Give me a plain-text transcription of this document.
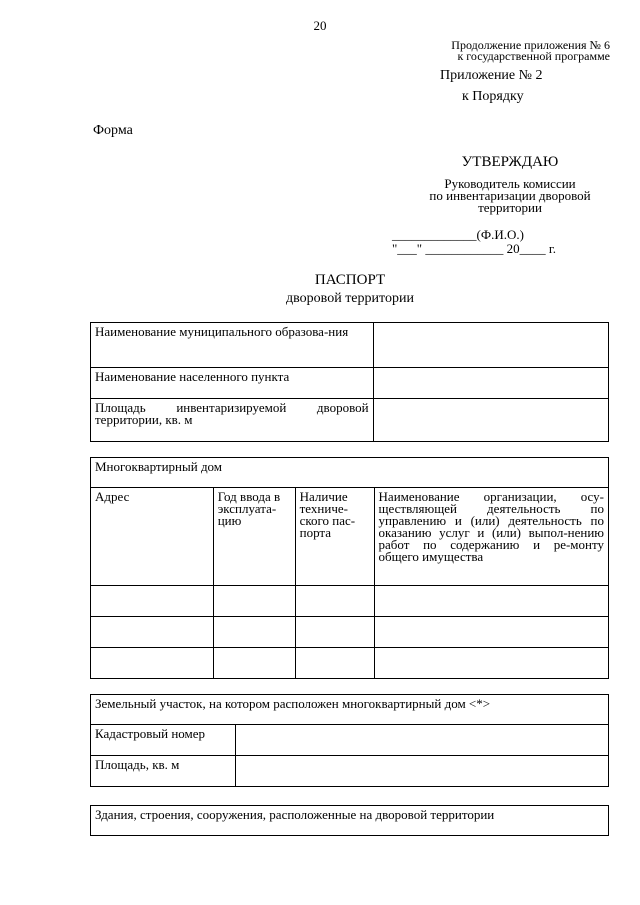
20
Продолжение приложения № 6
к государственной программе
Приложение № 2
к Порядку
Форма
УТВЕРЖДАЮ
Руководитель комиссии
по инвентаризации дворовой
территории
_____________(Ф.И.О.)
"___" ____________ 20____ г.
ПАСПОРТ
дворовой территории
Наименование муниципального образова-ния	
Наименование населенного пункта	
Площадь инвентаризируемой дворовой территории, кв. м	
Многоквартирный дом			
Адрес	Год ввода в эксплуата-цию	Наличие техниче-ского пас-порта	Наименование организации, осу-ществляющей деятельность по управлению и (или) деятельность по оказанию услуг и (или) выпол-нению работ по содержанию и ре-монту общего имущества

Земельный участок, на котором расположен многоквартирный дом <*>	
Кадастровый номер	
Площадь, кв. м	
Здания, строения, сооружения, расположенные на дворовой территории
